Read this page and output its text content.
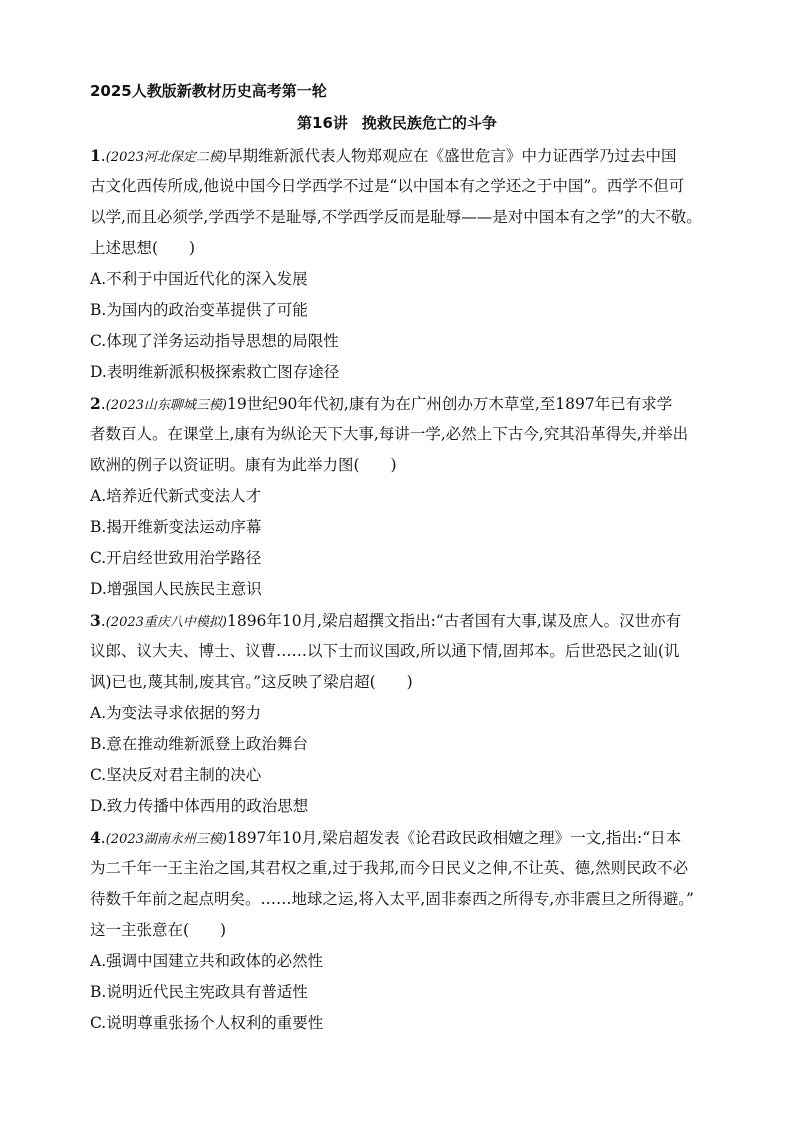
2025人教版新教材历史高考第一轮
第16讲 挽救民族危亡的斗争
1.(2023河北保定二模)早期维新派代表人物郑观应在《盛世危言》中力证西学乃过去中国
古文化西传所成,他说中国今日学西学不过是“以中国本有之学还之于中国”。西学不但可
以学,而且必须学,学西学不是耻辱,不学西学反而是耻辱——是对中国本有之学”的大不敬。
上述思想(　　)
A.不利于中国近代化的深入发展
B.为国内的政治变革提供了可能
C.体现了洋务运动指导思想的局限性
D.表明维新派积极探索救亡图存途径
2.(2023山东聊城三模)19世纪90年代初,康有为在广州创办万木草堂,至1897年已有求学
者数百人。在课堂上,康有为纵论天下大事,每讲一学,必然上下古今,究其沿革得失,并举出
欧洲的例子以资证明。康有为此举力图(　　)
A.培养近代新式变法人才
B.揭开维新变法运动序幕
C.开启经世致用治学路径
D.增强国人民族民主意识
3.(2023重庆八中模拟)1896年10月,梁启超撰文指出:“古者国有大事,谋及庶人。汉世亦有
议郎、议大夫、博士、议曹……以下士而议国政,所以通下情,固邦本。后世恐民之讪(讥
讽)已也,蔑其制,废其官。”这反映了梁启超(　　)
A.为变法寻求依据的努力
B.意在推动维新派登上政治舞台
C.坚决反对君主制的决心
D.致力传播中体西用的政治思想
4.(2023湖南永州三模)1897年10月,梁启超发表《论君政民政相嬗之理》一文,指出:“日本
为二千年一王主治之国,其君权之重,过于我邦,而今日民义之伸,不让英、德,然则民政不必
待数千年前之起点明矣。……地球之运,将入太平,固非泰西之所得专,亦非震旦之所得避。”
这一主张意在(　　)
A.强调中国建立共和政体的必然性
B.说明近代民主宪政具有普适性
C.说明尊重张扬个人权利的重要性
